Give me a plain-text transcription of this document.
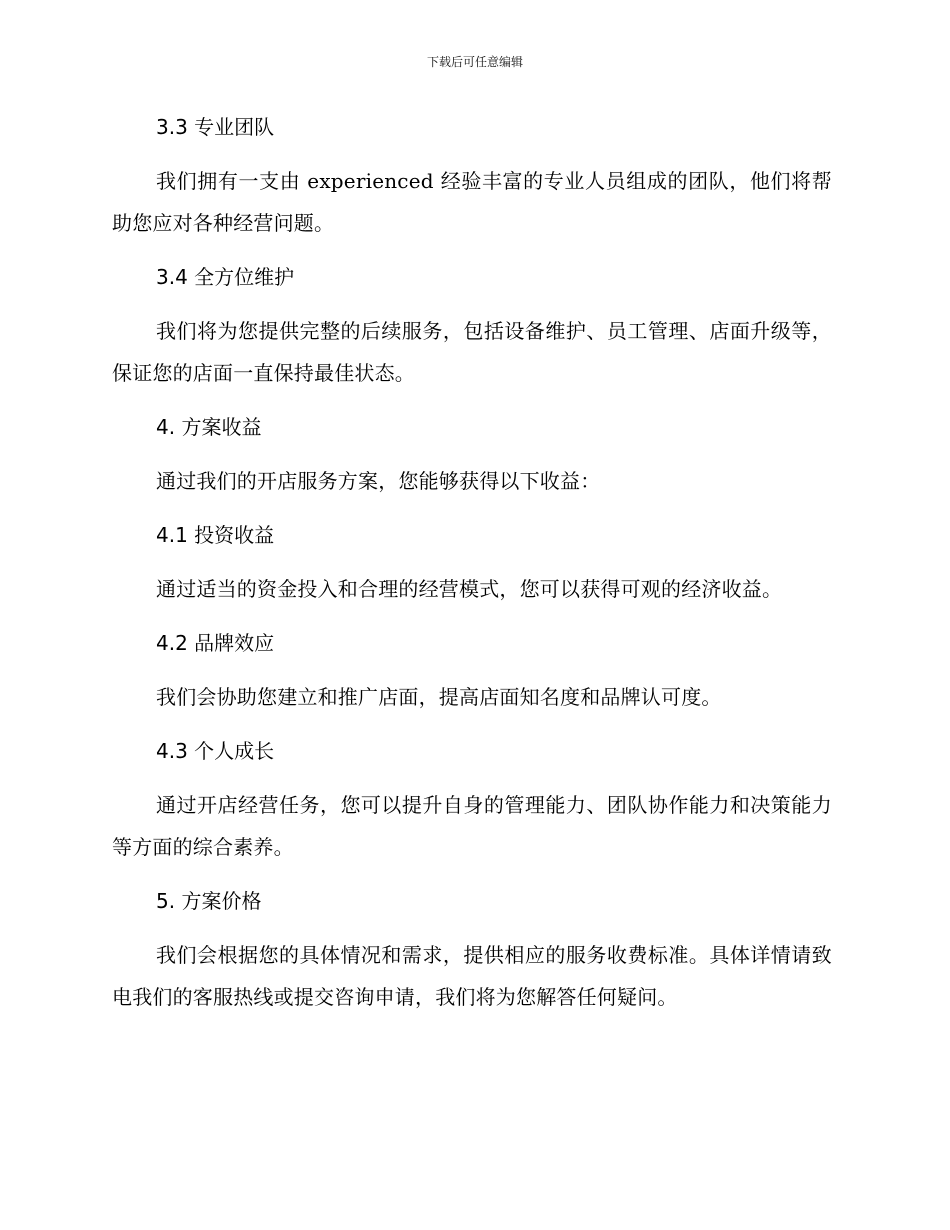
下载后可任意编辑
3.3 专业团队

我们拥有一支由 experienced 经验丰富的专业人员组成的团队，他们将帮助您应对各种经营问题。

3.4 全方位维护

我们将为您提供完整的后续服务，包括设备维护、员工管理、店面升级等，保证您的店面一直保持最佳状态。

4. 方案收益

通过我们的开店服务方案，您能够获得以下收益：

4.1 投资收益

通过适当的资金投入和合理的经营模式，您可以获得可观的经济收益。

4.2 品牌效应

我们会协助您建立和推广店面，提高店面知名度和品牌认可度。

4.3 个人成长

通过开店经营任务，您可以提升自身的管理能力、团队协作能力和决策能力等方面的综合素养。

5. 方案价格

我们会根据您的具体情况和需求，提供相应的服务收费标准。具体详情请致电我们的客服热线或提交咨询申请，我们将为您解答任何疑问。
